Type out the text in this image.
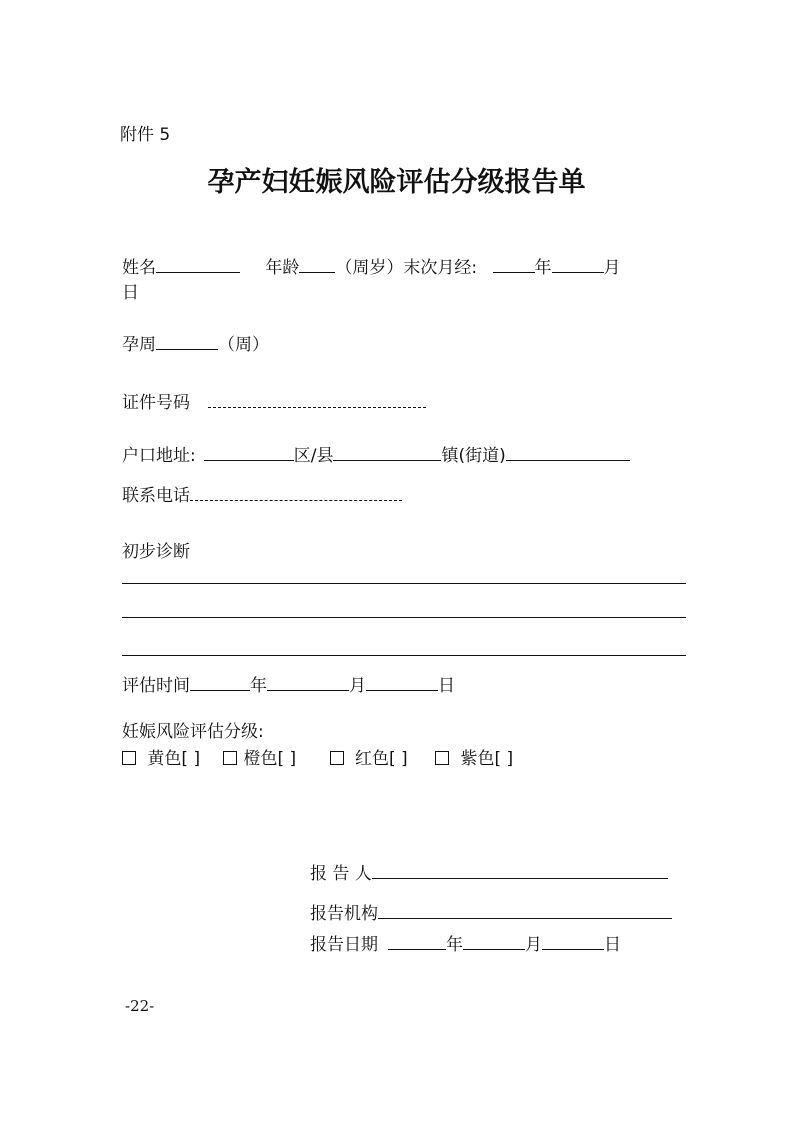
附件 5
孕产妇妊娠风险评估分级报告单
姓名	年龄 （周岁）末次月经:	年	月
日
孕周	（周）
证件号码
户口地址:	区/县	镇(街道)
联系电话
初步诊断
评估时间	年	月	日
妊娠风险评估分级:
黄色[ ]	橙色[ ]	红色[ ]	紫色[ ]
报 告 人
报告机构
报告日期	年	月	日
-22-
